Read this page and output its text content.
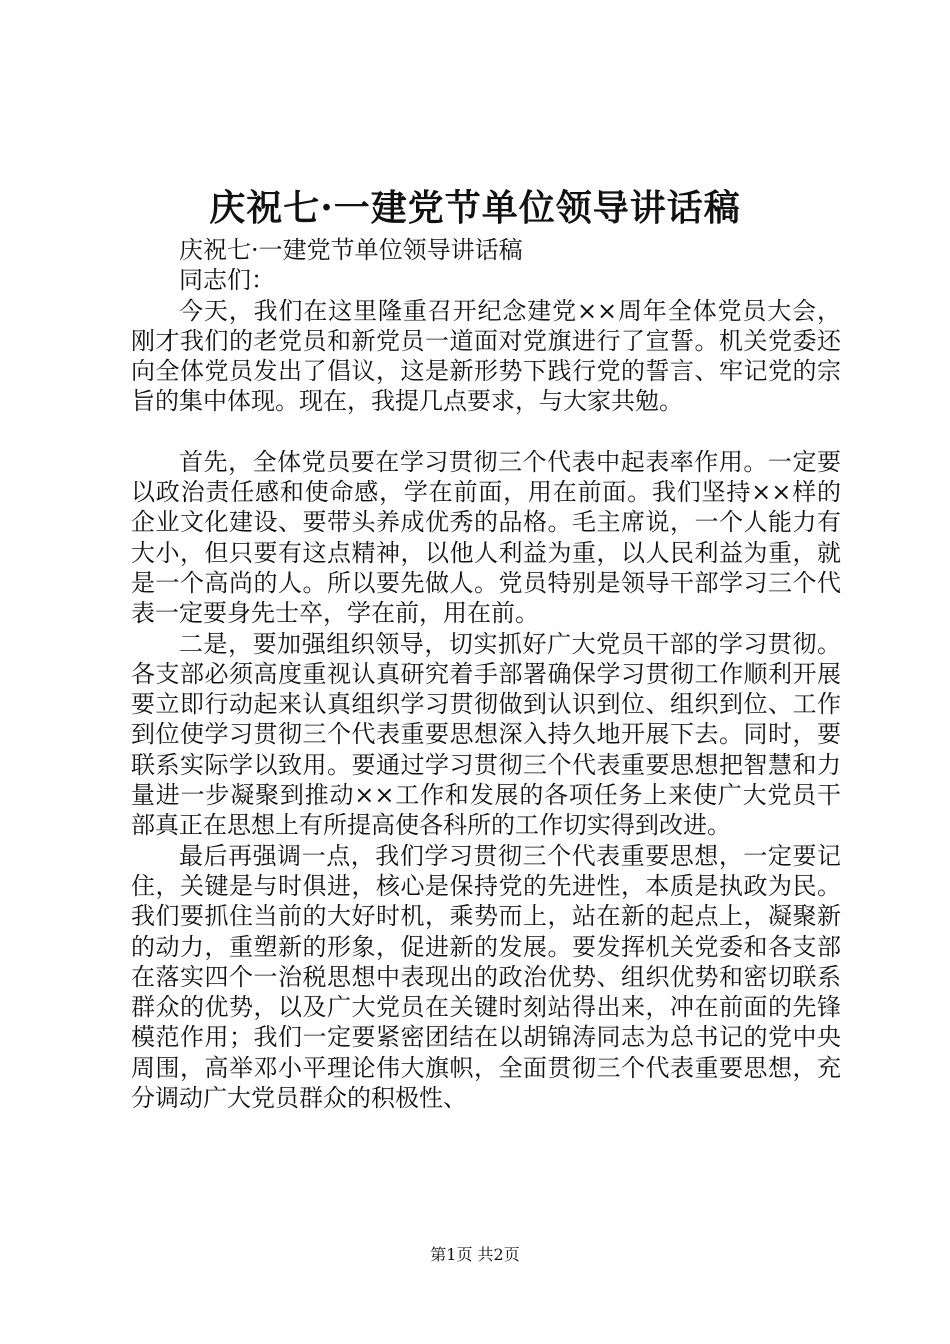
庆祝七·一建党节单位领导讲话稿

庆祝七·一建党节单位领导讲话稿

同志们：

今天，我们在这里隆重召开纪念建党××周年全体党员大会，刚才我们的老党员和新党员一道面对党旗进行了宣誓。机关党委还向全体党员发出了倡议，这是新形势下践行党的誓言、牢记党的宗旨的集中体现。现在，我提几点要求，与大家共勉。

首先，全体党员要在学习贯彻三个代表中起表率作用。一定要以政治责任感和使命感，学在前面，用在前面。我们坚持××样的企业文化建设、要带头养成优秀的品格。毛主席说，一个人能力有大小，但只要有这点精神，以他人利益为重，以人民利益为重，就是一个高尚的人。所以要先做人。党员特别是领导干部学习三个代表一定要身先士卒，学在前，用在前。

二是，要加强组织领导，切实抓好广大党员干部的学习贯彻。各支部必须高度重视认真研究着手部署确保学习贯彻工作顺利开展要立即行动起来认真组织学习贯彻做到认识到位、组织到位、工作到位使学习贯彻三个代表重要思想深入持久地开展下去。同时，要联系实际学以致用。要通过学习贯彻三个代表重要思想把智慧和力量进一步凝聚到推动××工作和发展的各项任务上来使广大党员干部真正在思想上有所提高使各科所的工作切实得到改进。

最后再强调一点，我们学习贯彻三个代表重要思想，一定要记住，关键是与时俱进，核心是保持党的先进性，本质是执政为民。我们要抓住当前的大好时机，乘势而上，站在新的起点上，凝聚新的动力，重塑新的形象，促进新的发展。要发挥机关党委和各支部在落实四个一治税思想中表现出的政治优势、组织优势和密切联系群众的优势，以及广大党员在关键时刻站得出来，冲在前面的先锋模范作用；我们一定要紧密团结在以胡锦涛同志为总书记的党中央周围，高举邓小平理论伟大旗帜，全面贯彻三个代表重要思想，充分调动广大党员群众的积极性、

第1页 共2页
